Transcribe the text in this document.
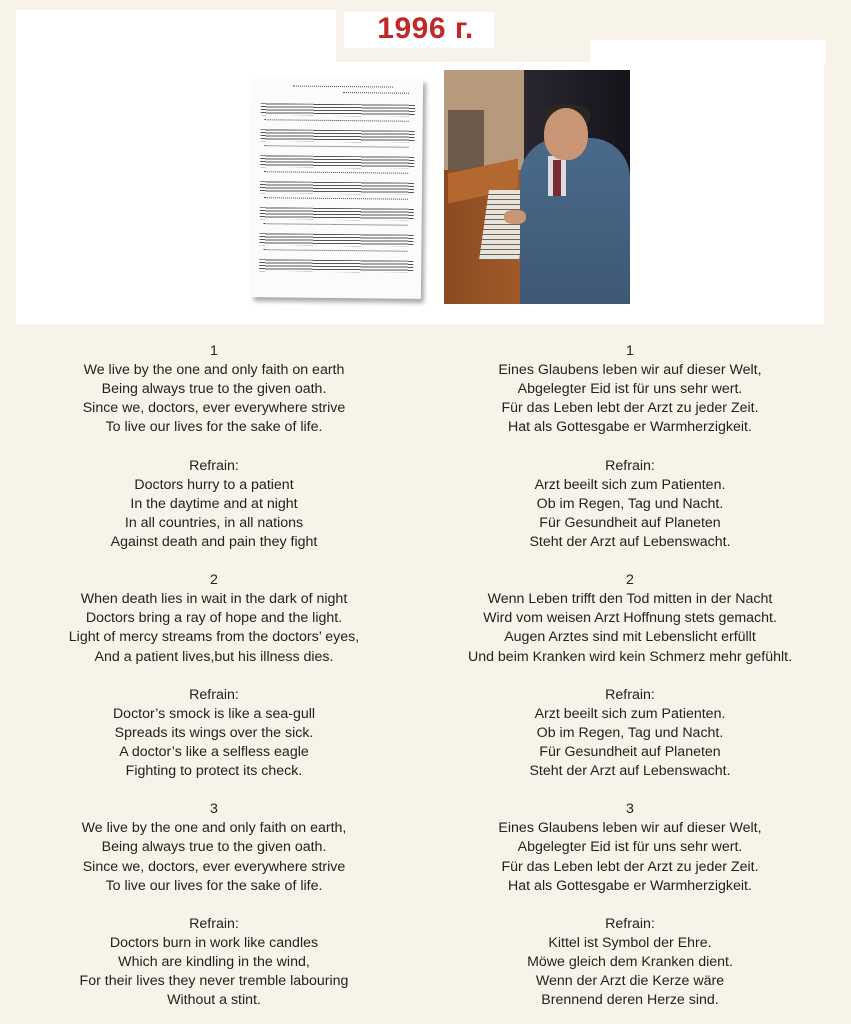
1996 г.
1
We live by the one and only faith on earth
Being always true to the given oath.
Since we, doctors, ever everywhere strive
To live our lives for the sake of life.
Refrain:
Doctors hurry to a patient
In the daytime and at night
In all countries, in all nations
Against death and pain they fight
2
When death lies in wait in the dark of night
Doctors bring a ray of hope and the light.
Light of mercy streams from the doctors’ eyes,
And a patient lives,but his illness dies.
Refrain:
Doctor’s smock is like a sea-gull
Spreads its wings over the sick.
A doctor’s like a selfless eagle
Fighting to protect its check.
3
We live by the one and only faith on earth,
Being always true to the given oath.
Since we, doctors, ever everywhere strive
To live our lives for the sake of life.
Refrain:
Doctors burn in work like candles
Which are kindling in the wind,
For their lives they never tremble labouring
Without a stint.
1
Eines Glaubens leben wir auf dieser Welt,
Abgelegter Eid ist für uns sehr wert.
Für das Leben lebt der Arzt zu jeder Zeit.
Hat als Gottesgabe er Warmherzigkeit.
Refrain:
Arzt beeilt sich zum Patienten.
Ob im Regen, Tag und Nacht.
Für Gesundheit auf Planeten
Steht der Arzt auf Lebenswacht.
2
Wenn Leben trifft den Tod mitten in der Nacht
Wird vom weisen Arzt Hoffnung stets gemacht.
Augen Arztes sind mit Lebenslicht erfüllt
Und beim Kranken wird kein Schmerz mehr gefühlt.
Refrain:
Arzt beeilt sich zum Patienten.
Ob im Regen, Tag und Nacht.
Für Gesundheit auf Planeten
Steht der Arzt auf Lebenswacht.
3
Eines Glaubens leben wir auf dieser Welt,
Abgelegter Eid ist für uns sehr wert.
Für das Leben lebt der Arzt zu jeder Zeit.
Hat als Gottesgabe er Warmherzigkeit.
Refrain:
Kittel ist Symbol der Ehre.
Möwe gleich dem Kranken dient.
Wenn der Arzt die Kerze wäre
Brennend deren Herze sind.
